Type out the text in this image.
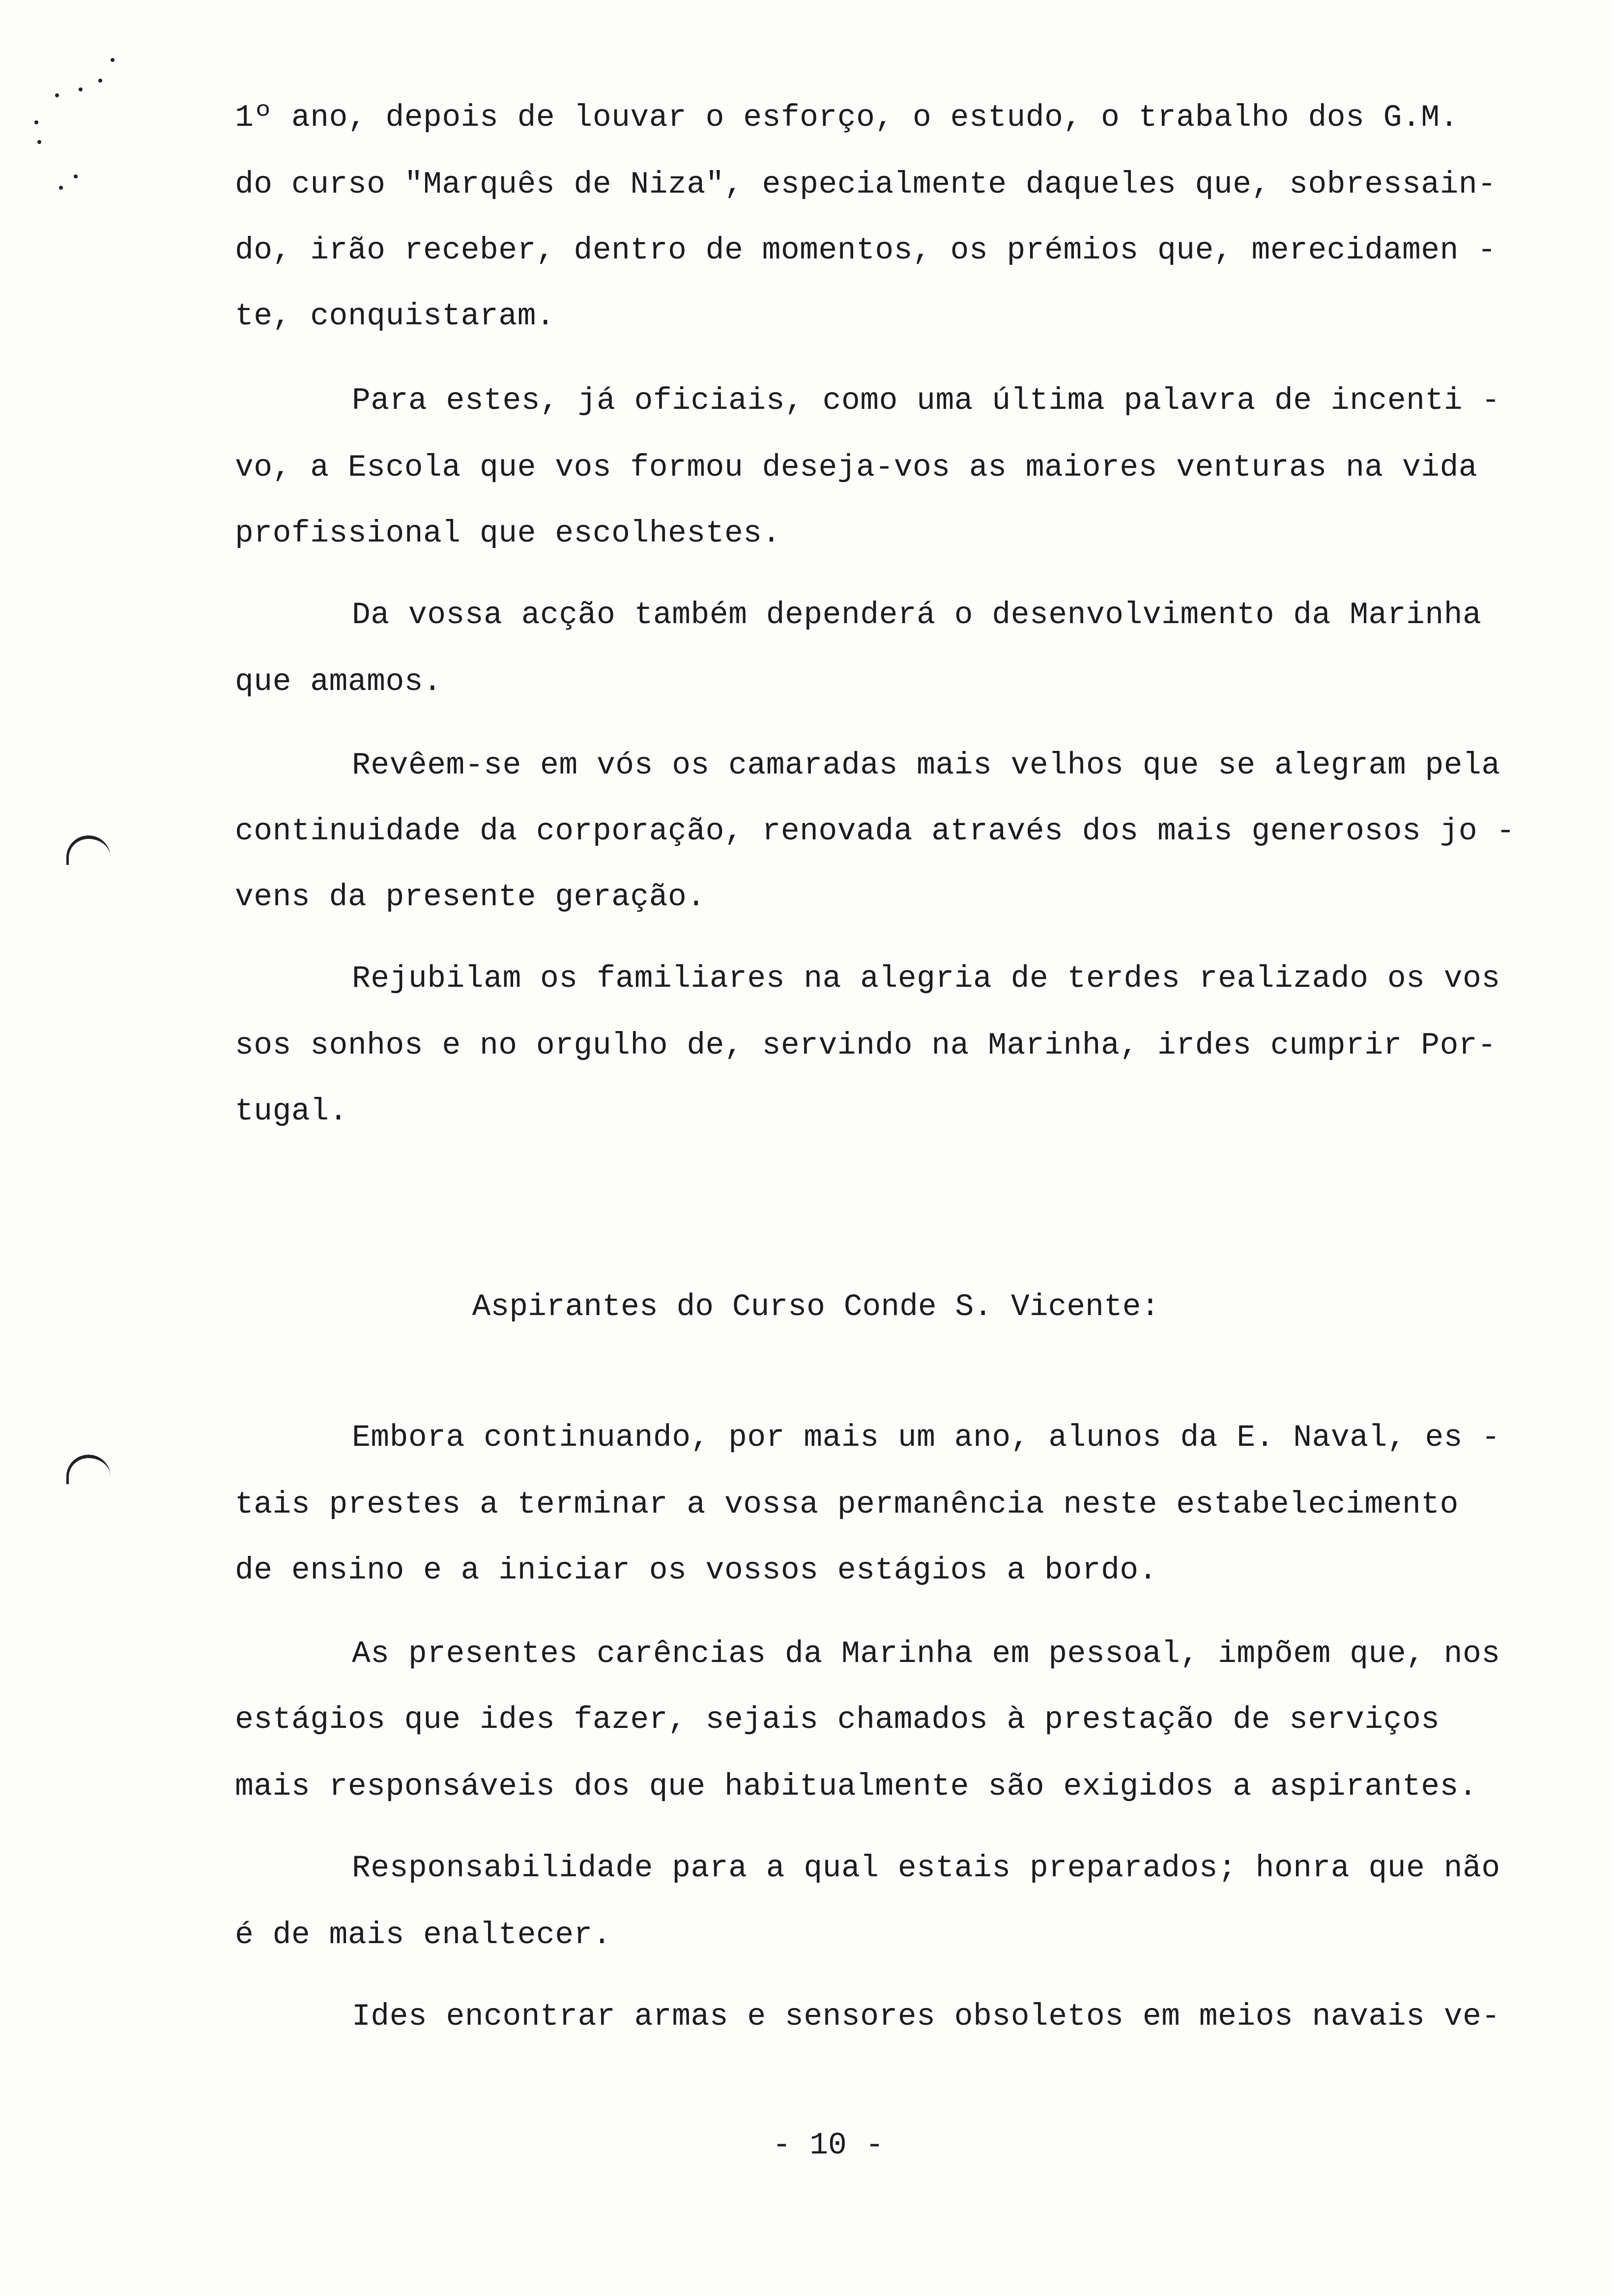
1º ano, depois de louvar o esforço, o estudo, o trabalho dos G.M.

do curso "Marquês de Niza", especialmente daqueles que, sobressain-

do, irão receber, dentro de momentos, os prémios que, merecidamen -

te, conquistaram.

Para estes, já oficiais, como uma última palavra de incenti -

vo, a Escola que vos formou deseja-vos as maiores venturas na vida

profissional que escolhestes.

Da vossa acção também dependerá o desenvolvimento da Marinha

que amamos.

Revêem-se em vós os camaradas mais velhos que se alegram pela

continuidade da corporação, renovada através dos mais generosos jo -

vens da presente geração.

Rejubilam os familiares na alegria de terdes realizado os vos

sos sonhos e no orgulho de, servindo na Marinha, irdes cumprir Por-

tugal.

Aspirantes do Curso Conde S. Vicente:

Embora continuando, por mais um ano, alunos da E. Naval, es -

tais prestes a terminar a vossa permanência neste estabelecimento

de ensino e a iniciar os vossos estágios a bordo.

As presentes carências da Marinha em pessoal, impõem que, nos

estágios que ides fazer, sejais chamados à prestação de serviços

mais responsáveis dos que habitualmente são exigidos a aspirantes.

Responsabilidade para a qual estais preparados; honra que não

é de mais enaltecer.

Ides encontrar armas e sensores obsoletos em meios navais ve-

- 10 -
